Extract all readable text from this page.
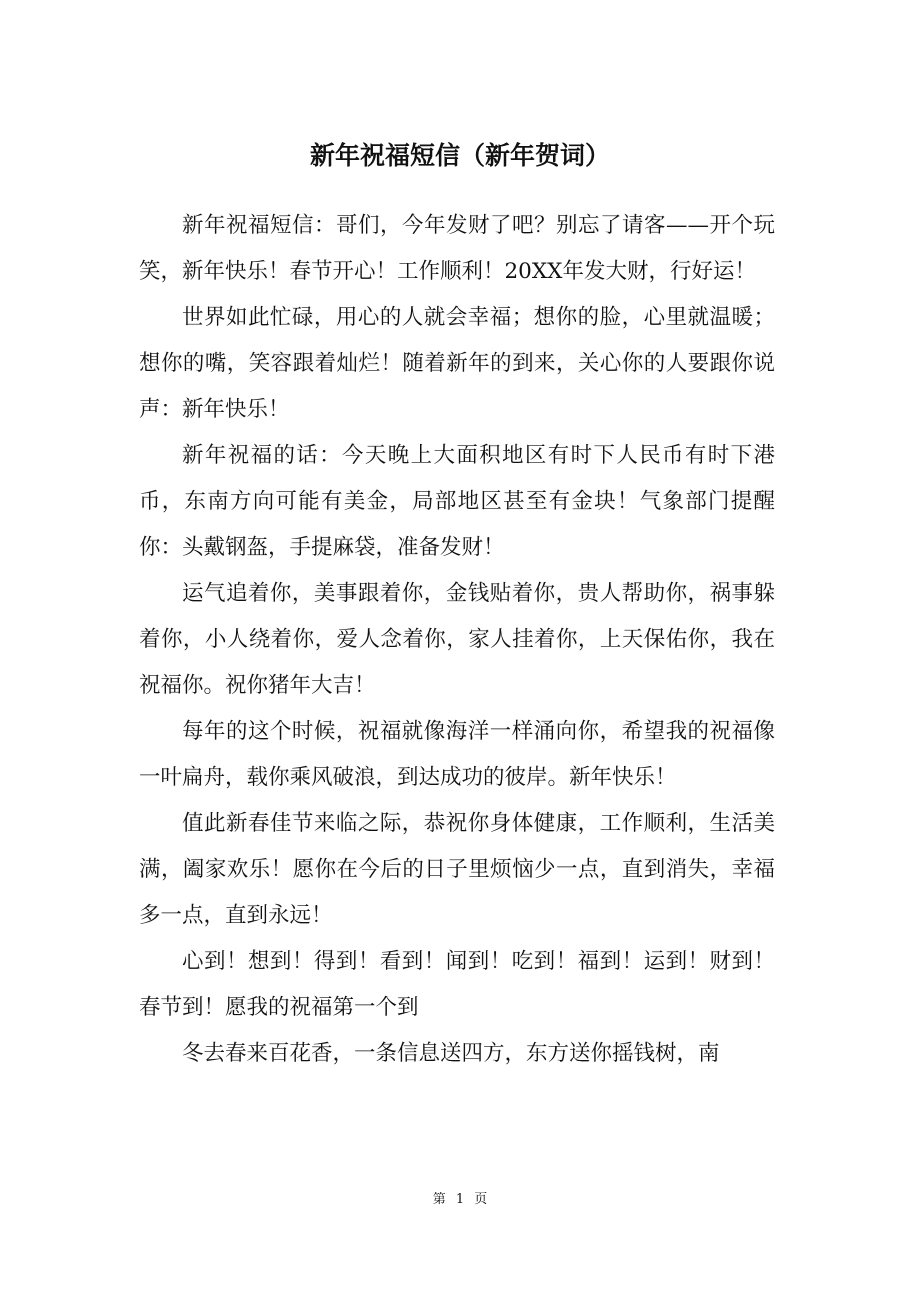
新年祝福短信（新年贺词）

新年祝福短信：哥们，今年发财了吧？别忘了请客——开个玩笑，新年快乐！春节开心！工作顺利！20XX年发大财，行好运！

世界如此忙碌，用心的人就会幸福；想你的脸，心里就温暖；想你的嘴，笑容跟着灿烂！随着新年的到来，关心你的人要跟你说声：新年快乐！

新年祝福的话：今天晚上大面积地区有时下人民币有时下港币，东南方向可能有美金，局部地区甚至有金块！气象部门提醒你：头戴钢盔，手提麻袋，准备发财！

运气追着你，美事跟着你，金钱贴着你，贵人帮助你，祸事躲着你，小人绕着你，爱人念着你，家人挂着你，上天保佑你，我在祝福你。祝你猪年大吉！

每年的这个时候，祝福就像海洋一样涌向你，希望我的祝福像一叶扁舟，载你乘风破浪，到达成功的彼岸。新年快乐！

值此新春佳节来临之际，恭祝你身体健康，工作顺利，生活美满，阖家欢乐！愿你在今后的日子里烦恼少一点，直到消失，幸福多一点，直到永远！

心到！想到！得到！看到！闻到！吃到！福到！运到！财到！春节到！愿我的祝福第一个到

冬去春来百花香，一条信息送四方，东方送你摇钱树，南

第 1 页
